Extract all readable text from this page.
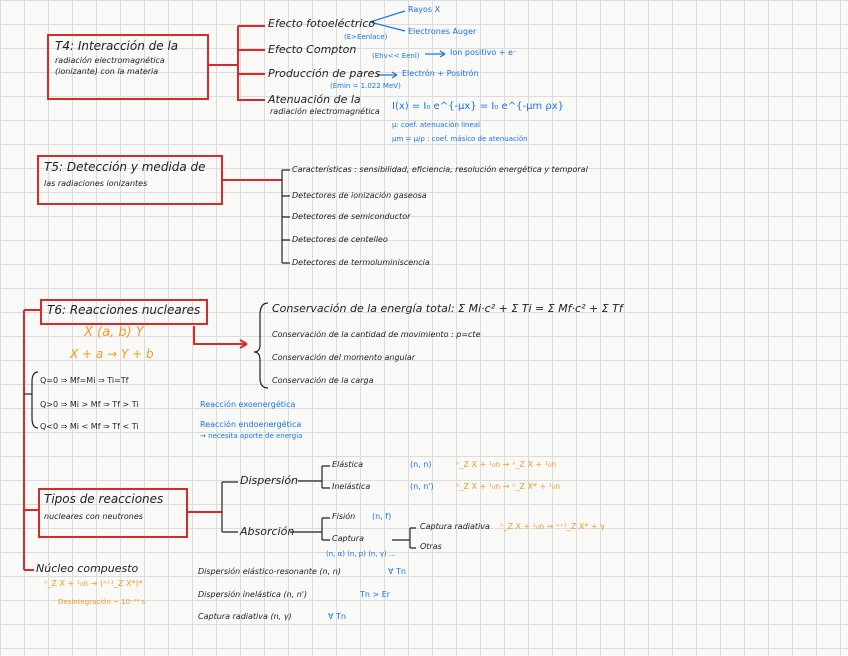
T4: Interacción de la
radiación electromagnética
(ionizante) con la materia
Efecto fotoeléctrico
(E>Eenlace)
Rayos X
Electrones Auger
Efecto Compton (Ehv<< Eenl)	Ion positivo + e⁻
Producción de pares
(Emin = 1.022 MeV)
Electrón + Positrón
Atenuación de la
radiación electromagnética I(x) = I₀ e^{-μx} = I₀ e^{-μm ρx}
μ: coef. atenuación lineal
μm = μ/ρ : coef. másico de atenuación
T5: Detección y medida de
las radiaciones ionizantes
Características : sensibilidad, eficiencia, resolución energética y temporal
Detectores de ionización gaseosa
Detectores de semiconductor
Detectores de centelleo
Detectores de termoluminiscencia
T6: Reacciones nucleares
X (a, b) Y
X + a → Y + b
Conservación de la energía total: Σ Mi·c² + Σ Ti = Σ Mf·c² + Σ Tf
Conservación de la cantidad de movimiento : p=cte
Conservación del momento angular
Conservación de la carga
Q=0 ⇒ Mf=Mi ⇒ Ti=Tf
Q>0 ⇒ Mi > Mf ⇒ Tf > Ti	Reacción exoenergética
Q<0 ⇒ Mi < Mf ⇒ Tf < Ti	Reacción endoenergética
→ necesita aporte de energía
Tipos de reacciones
nucleares con neutrones
Dispersión
Elástica	(n, n)	ᴬ_Z X + ¹₀n → ᴬ_Z X + ¹₀n
Inelástica	(n, n')	ᴬ_Z X + ¹₀n → ᴬ_Z X* + ¹₀n
Absorción
Fisión (n, f)
Captura
Captura radiativa ᴬ_Z X + ¹₀n → ᴬ⁺¹_Z X* + γ
Otras
(n, α) (n, p) (n, γ) ...
Núcleo compuesto
ᴬ_Z X + ¹₀n → (ᴬ⁺¹_Z X*)*
Desintegración ~ 10⁻¹⁴ s
Dispersión elástico-resonante (n, n)	∀ Tn
Dispersión inelástica (n, n')	Tn > Er
Captura radiativa (n, γ)	∀ Tn
